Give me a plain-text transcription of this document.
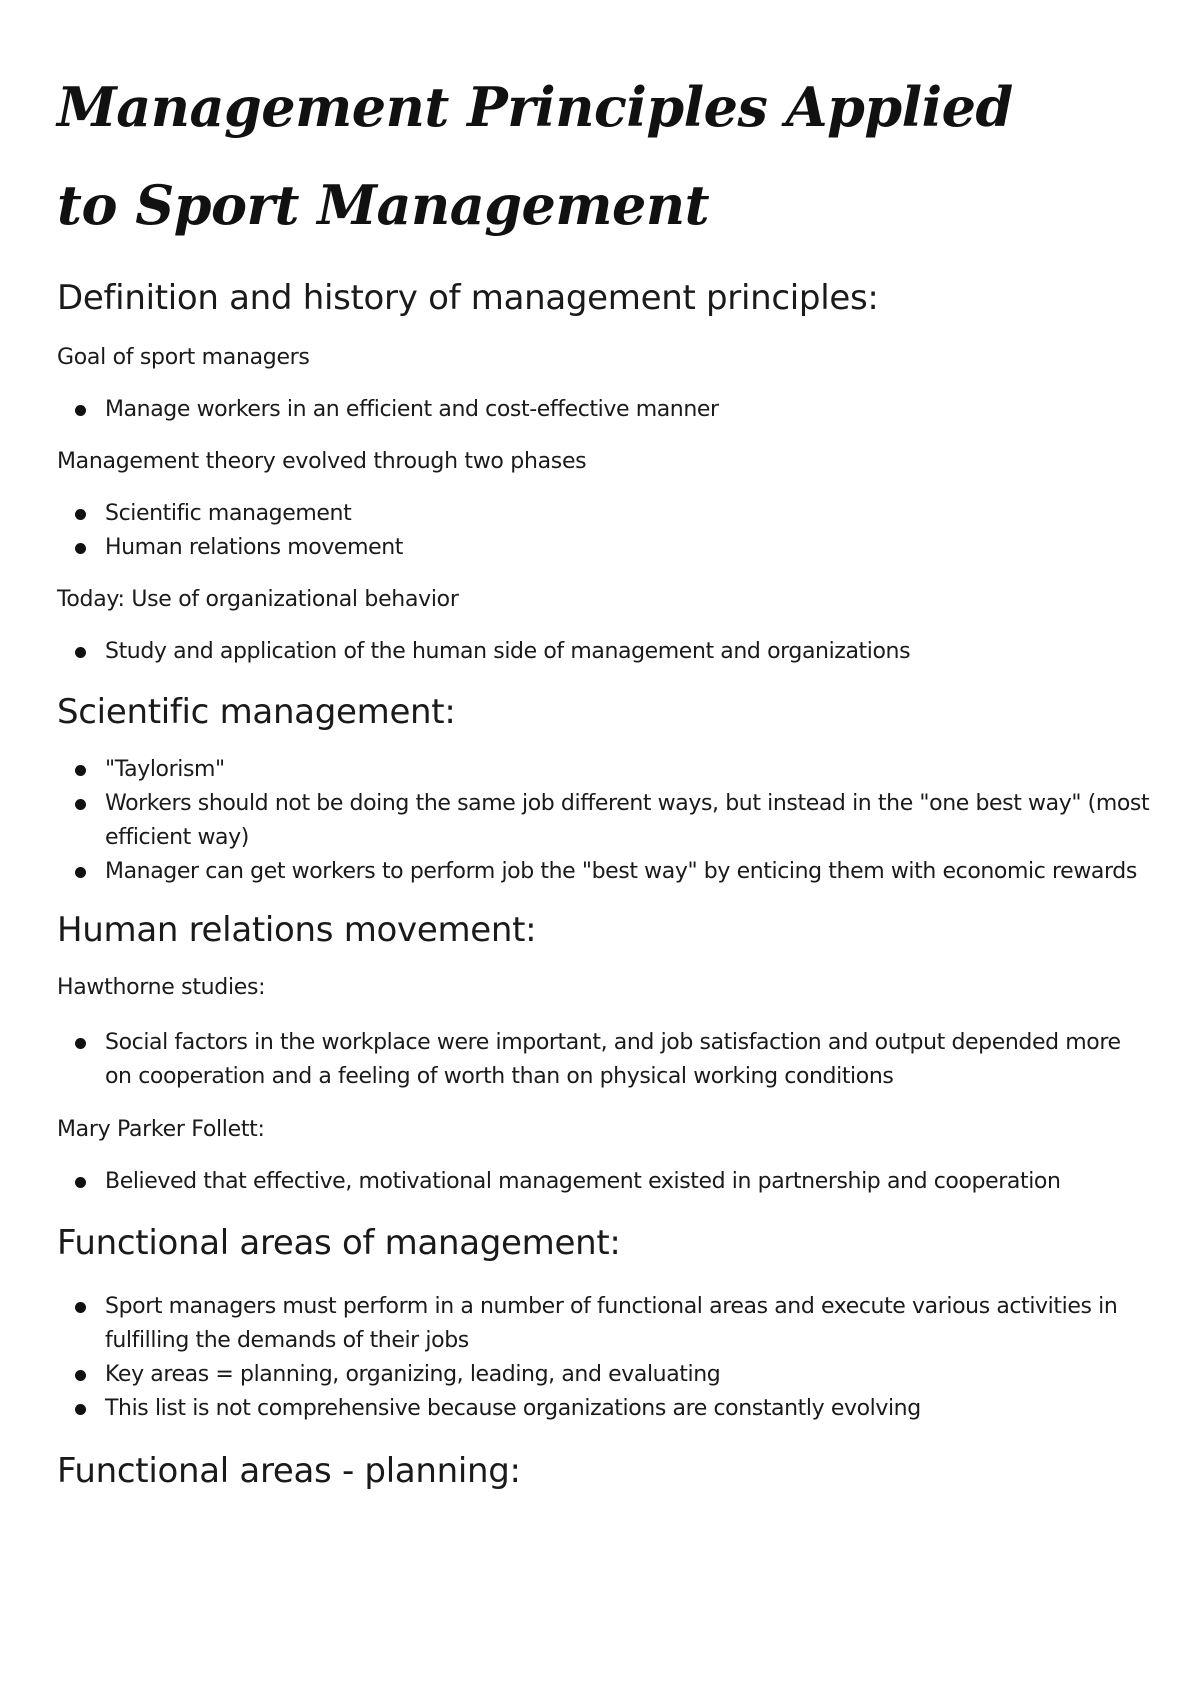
Management Principles Applied to Sport Management
Definition and history of management principles:

Goal of sport managers

Manage workers in an efficient and cost-effective manner

Management theory evolved through two phases

Scientific management
Human relations movement

Today: Use of organizational behavior

Study and application of the human side of management and organizations
Scientific management:
"Taylorism"
Workers should not be doing the same job different ways, but instead in the "one best way" (most efficient way)
Manager can get workers to perform job the "best way" by enticing them with economic rewards
Human relations movement:

Hawthorne studies:

Social factors in the workplace were important, and job satisfaction and output depended more on cooperation and a feeling of worth than on physical working conditions

Mary Parker Follett:

Believed that effective, motivational management existed in partnership and cooperation
Functional areas of management:
Sport managers must perform in a number of functional areas and execute various activities in fulfilling the demands of their jobs
Key areas = planning, organizing, leading, and evaluating
This list is not comprehensive because organizations are constantly evolving
Functional areas - planning:
